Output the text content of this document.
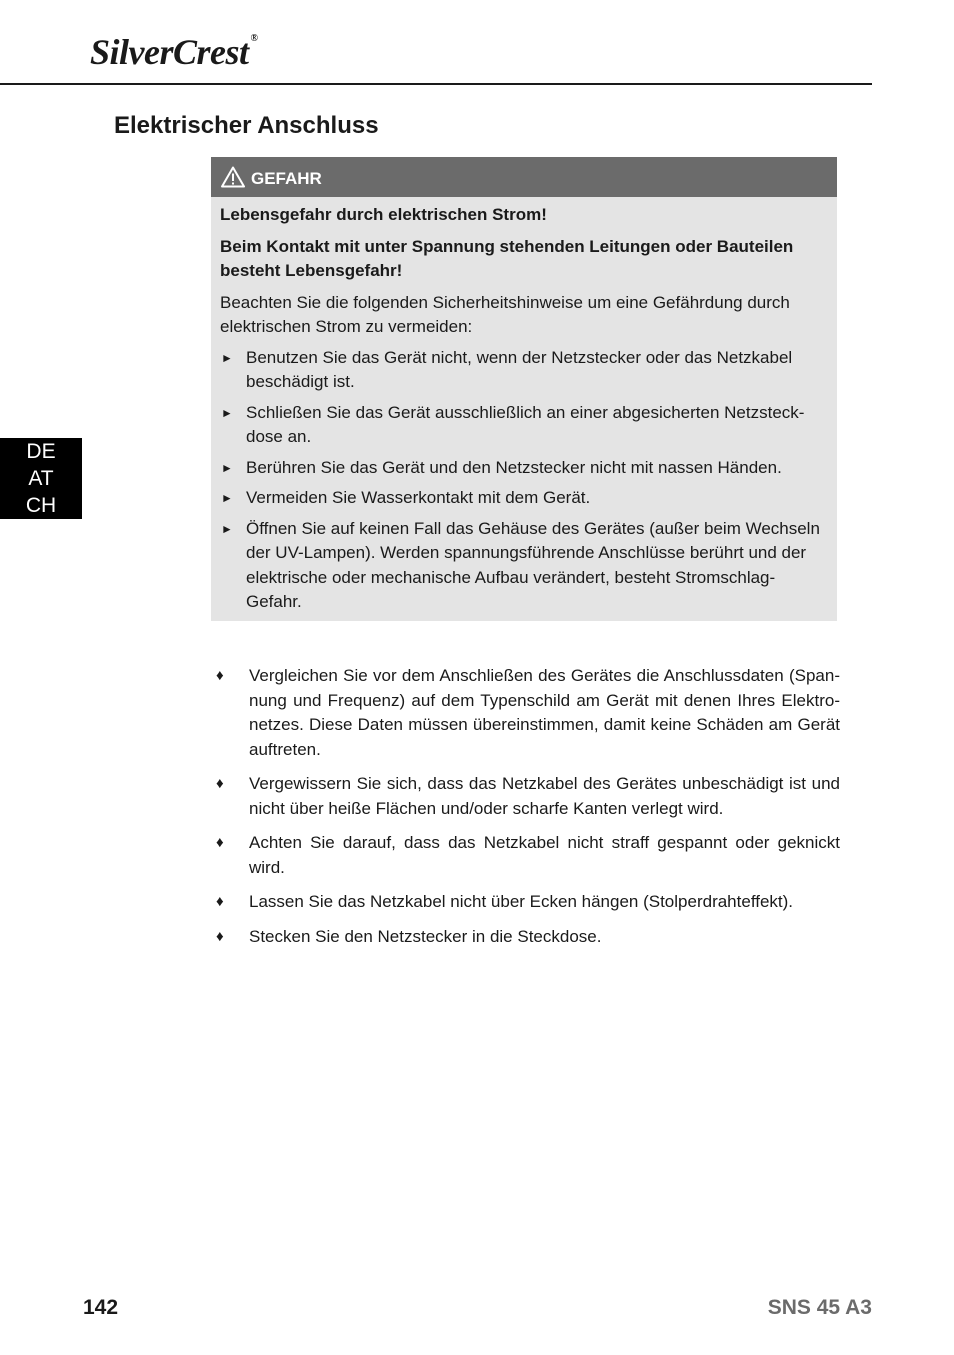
SilverCrest ®
Elektrischer Anschluss
DE
AT
CH
GEFAHR

Lebensgefahr durch elektrischen Strom!

Beim Kontakt mit unter Spannung stehenden Leitungen oder Bauteilen besteht Lebensgefahr!

Beachten Sie die folgenden Sicherheitshinweise um eine Gefährdung durch elektrischen Strom zu vermeiden:

► Benutzen Sie das Gerät nicht, wenn der Netzstecker oder das Netzkabel beschädigt ist.
► Schließen Sie das Gerät ausschließlich an einer abgesicherten Netzsteckdose an.
► Berühren Sie das Gerät und den Netzstecker nicht mit nassen Händen.
► Vermeiden Sie Wasserkontakt mit dem Gerät.
► Öffnen Sie auf keinen Fall das Gehäuse des Gerätes (außer beim Wechseln der UV-Lampen). Werden spannungsführende Anschlüsse berührt und der elektrische oder mechanische Aufbau verändert, besteht Stromschlag-Gefahr.
♦ Vergleichen Sie vor dem Anschließen des Gerätes die Anschlussdaten (Spannung und Frequenz) auf dem Typenschild am Gerät mit denen Ihres Elektronetzes. Diese Daten müssen übereinstimmen, damit keine Schäden am Gerät auftreten.
♦ Vergewissern Sie sich, dass das Netzkabel des Gerätes unbeschädigt ist und nicht über heiße Flächen und/oder scharfe Kanten verlegt wird.
♦ Achten Sie darauf, dass das Netzkabel nicht straff gespannt oder geknickt wird.
♦ Lassen Sie das Netzkabel nicht über Ecken hängen (Stolperdrahteffekt).
♦ Stecken Sie den Netzstecker in die Steckdose.
142	SNS 45 A3
